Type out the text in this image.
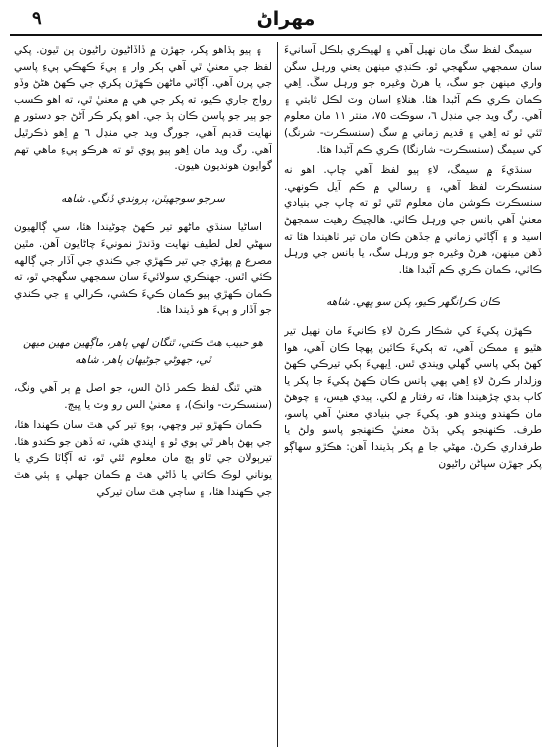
٩	مهراڻ

سيمگ لفظ سگ مان نهيل آهي ۽ لهيڪري بلڪل آسانيءَ سان سمجهي سگهجي ٿو. ڪنڊي مينهن يعني ورہل سگن واري مينهن جو سگ، يا هرڻ وغيره جو ورہل سڱ. اِهي ڪمان ڪري ڪم آڻبدا هئا. هنلاءِ اسان وٽ لڪل ثابتي ۽ آهي. رگ ويد جي منڊل ٦، سوڪت ٧٥، منتر ١١ مان معلوم ٿئي ٿو ته اِهي ۽ قديم زماني ۾ سگ (سنسڪرت- شرنگ) کي سيمگ (سنسڪرت- شارنگا) ڪري ڪم آڻبدا هئا.

سنڌيءَ ۾ سيمگ، لاءِ ٻيو لفظ آهي چاپ. اهو نه سنسڪرت لفظ آهي، ۽ رسالي ۾ ڪم آيل ڪونهي. سنسڪرت ڪوشن مان معلوم ٿئي ٿو ته چاپ جي بنيادي معنيٰ آهي بانس جي ورہل ڪاٺي. هالچيڪ رهيت سمجهڻ اسيد و ۽ آڳاٽي زماني ۾ جڏهن ڪان مان تير ٺاهيندا هئا ته ڏهن مينهن، هرڻ وغيره جو ورہل سگ، يا بانس جي ورہل ڪاٺي، ڪمان ڪري ڪم آڻبدا هئا.

ڪان ڪرانگهر ڪيو، پکن سو ڀهي. شاهه

ڪهڙن پکيءَ کي شڪار ڪرڻ لاءِ ڪانيءَ مان نهيل تير هٿيو ۽ ممڪن آهي، ته ٻکيءَ ڪائين پهچا ڪان آهي، هوا کهڻ ٻکي پاسي گهلي ويندي ٿس. اِيهيءَ ٻکي تيرڪي ڪهڻ وزلدار ڪرڻ لاءِ اِهي ٻهي ٻانس ڪان ڪهڻ پکيءَ جا پکر يا کاٻ بدي چڙهيندا هئا، ته رفتار ۾ لکي. ٻيدي هيس، ۽ چوهڻ مان ڪهندو ويندو هو. پکيءَ جي بنيادي معنيٰ آهي پاسو، طرف. ڪنهنجو پکي ٻڌڻ معنيٰ ڪنهنجو پاسو ولڻ يا طرفداري ڪرڻ. مهڻي جا ۾ پکر ٻڌيندا آهن: هڪڙو سهاڳو پکر جهڙن سڀاڻن راڻيون

۽ ٻيو ٻڌاهو پکر، جهڙن ۾ ڏاڏاڻيون راڻيون ٻن ٿيون. پکي لفظ جي معنيٰ ٿي آهي ٻکر وار ۽ ٻيءَ ڪهڪي ٻيءِ پاسي جي پرن آهي. آڳاٽي ماڻهن ڪهڙن پکري جي ڪهڻ هڻڻ وڏو رواج جاري ڪيو، ته پکر جي هي ۾ معنيٰ ٿي، ته اهو ڪسب جو ٻير جو پاسن ڪان ٻڌ جي. اهو پکر ڪر آڻڻ جو دستور ۾ نهايت قديم آهي، جورگ ويد جي منڊل ٦ ۾ اِهو ذڪرٿيل آهي. رگ ويد مان اِهو ٻيو پوي ٿو ته هرڪو ٻيءِ ماهي تهم گوايون هونديون هيون.

سرجو سوجهيٽن، ٻروندي ڏنگي. شاهه

اساڻيا سنڌي ماڻهو تير ڪهڻ چوڻيندا هئا، سي ڳالهيون سهڻي لعل لطيف نهايت وڌندڙ نمونيءَ چاڻايون آهن. مٿين مصرع ۾ پهڙي جي تير ڪهڙي جي ڪندي جي آڏار جي ڳالهه ڪئي اٿس. جهنڪري سولائيءَ سان سمجهي سگهجي ٿو، ته ڪمان ڪهڙي ٻيو ڪمان ڪيءَ ڪشي، ڪرالي ۽ جي ڪندي جو آڏار و ٻيءَ هو ڏيندا هئا.

هو حبيب هٿ ڪتي، ٿنگان لهي ٻاهر، ماڳهين مهين ميهن ٽي، جهوڻي جوڻيهان ٻاهر. شاهه

هتي ٿنگ لفظ ڪمر ڏاڻ الس، جو اصل ۾ ٻر آهي ونگ، (سنسڪرت- وانڪ)، ۽ معنيٰ الس رو وٽ يا ڀيڄ.

ڪمان ڪهڙو تير وڄهي، ٻوءِ تير کي هٿ سان ڪهندا هئا، جي ٻهڻ ٻاهر ٿي ٻوي ٿو ۽ اڀندي هئي، ته ڏهن جو ڪندو هئا. تيرٻولان جي ٿاو ٻچ مان معلوم ٿئي ٿو، ته آڳاٽا ڪري يا يوناني لوڪ ڪاتي يا ڏاڻي هٿ ۾ ڪمان جهلي ۽ ٻئي هٿ جي ڪهندا هئا، ۽ ساڄي هٿ سان تيرکي
